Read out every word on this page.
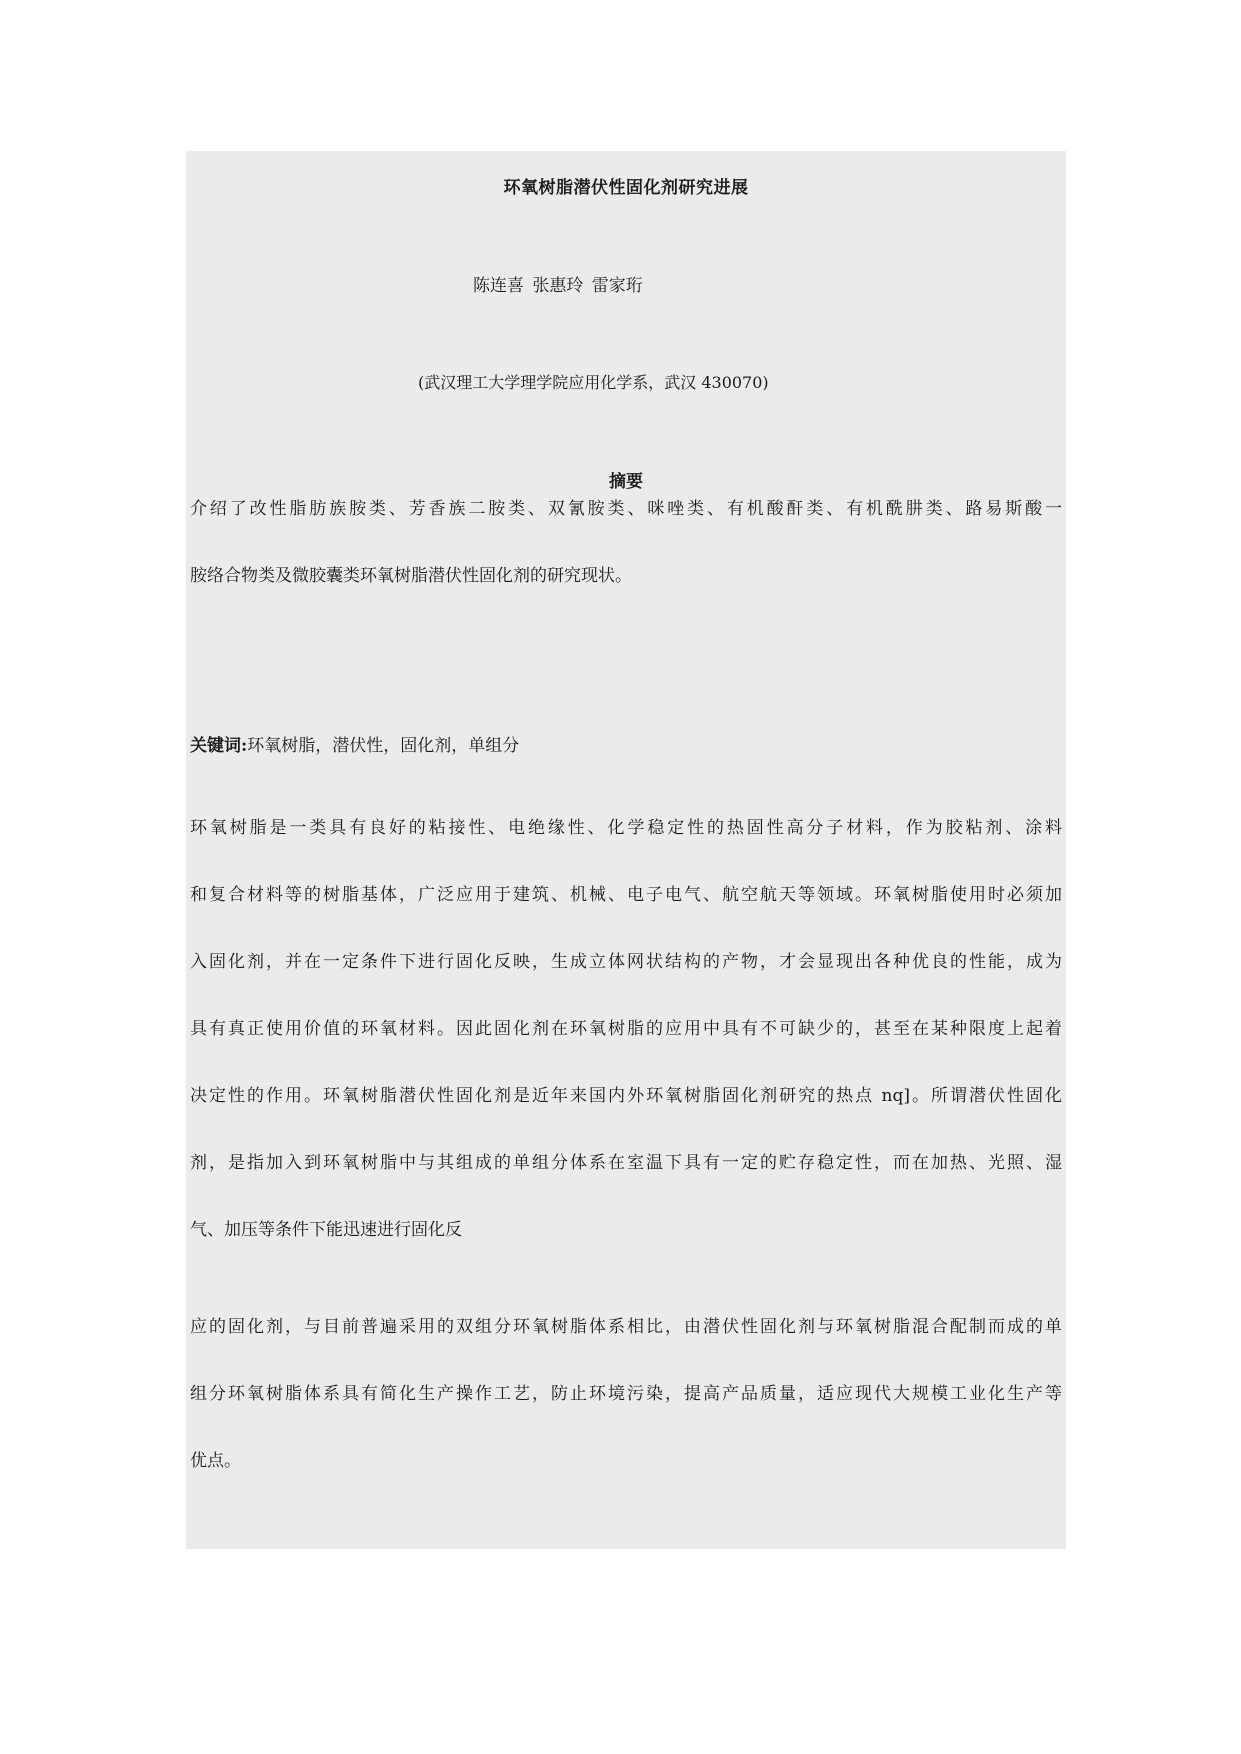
环氧树脂潜伏性固化剂研究进展
陈连喜 张惠玲 雷家珩
(武汉理工大学理学院应用化学系，武汉 430070)
摘要
介绍了改性脂肪族胺类、芳香族二胺类、双氰胺类、咪唑类、有机酸酐类、有机酰肼类、路易斯酸一
胺络合物类及微胶囊类环氧树脂潜伏性固化剂的研究现状。
关键词:环氧树脂，潜伏性，固化剂，单组分
环氧树脂是一类具有良好的粘接性、电绝缘性、化学稳定性的热固性高分子材料，作为胶粘剂、涂料
和复合材料等的树脂基体，广泛应用于建筑、机械、电子电气、航空航天等领域。环氧树脂使用时必须加
入固化剂，并在一定条件下进行固化反映，生成立体网状结构的产物，才会显现出各种优良的性能，成为
具有真正使用价值的环氧材料。因此固化剂在环氧树脂的应用中具有不可缺少的，甚至在某种限度上起着
决定性的作用。环氧树脂潜伏性固化剂是近年来国内外环氧树脂固化剂研究的热点 nq]。所谓潜伏性固化
剂，是指加入到环氧树脂中与其组成的单组分体系在室温下具有一定的贮存稳定性，而在加热、光照、湿
气、加压等条件下能迅速进行固化反
应的固化剂，与目前普遍采用的双组分环氧树脂体系相比，由潜伏性固化剂与环氧树脂混合配制而成的单
组分环氧树脂体系具有简化生产操作工艺，防止环境污染，提高产品质量，适应现代大规模工业化生产等
优点。
